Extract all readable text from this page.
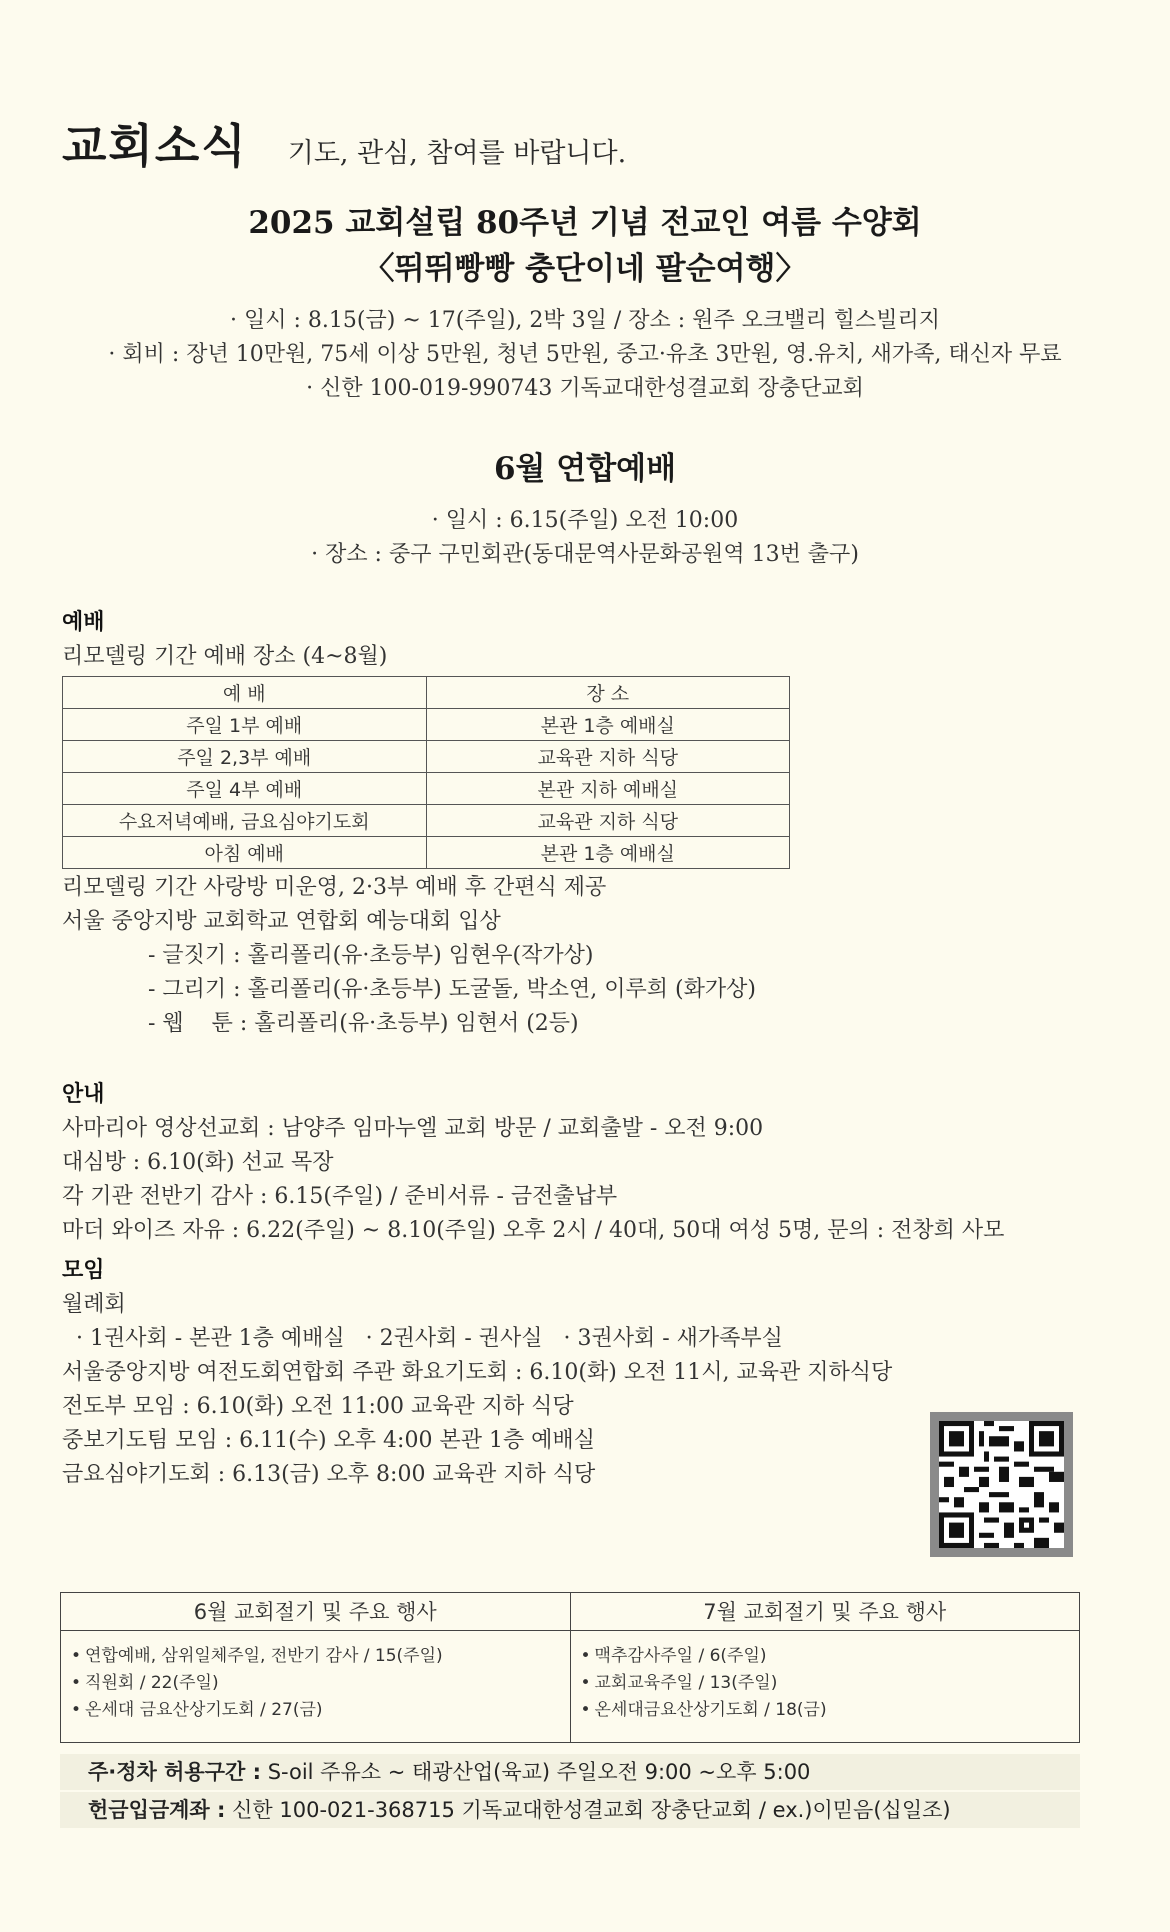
교회소식 기도, 관심, 참여를 바랍니다.
2025 교회설립 80주년 기념 전교인 여름 수양회
〈뛰뛰빵빵 충단이네 팔순여행〉
· 일시 : 8.15(금) ~ 17(주일), 2박 3일 / 장소 : 원주 오크밸리 힐스빌리지
· 회비 : 장년 10만원, 75세 이상 5만원, 청년 5만원, 중고·유초 3만원, 영.유치, 새가족, 태신자 무료
· 신한 100-019-990743 기독교대한성결교회 장충단교회
6월 연합예배
· 일시 : 6.15(주일) 오전 10:00
· 장소 : 중구 구민회관(동대문역사문화공원역 13번 출구)
예배
리모델링 기간 예배 장소 (4~8월)
예 배	장 소
주일 1부 예배	본관 1층 예배실
주일 2,3부 예배	교육관 지하 식당
주일 4부 예배	본관 지하 예배실
수요저녁예배, 금요심야기도회	교육관 지하 식당
아침 예배	본관 1층 예배실
리모델링 기간 사랑방 미운영, 2·3부 예배 후 간편식 제공
서울 중앙지방 교회학교 연합회 예능대회 입상
- 글짓기 : 홀리폴리(유·초등부) 임현우(작가상)
- 그리기 : 홀리폴리(유·초등부) 도굴돌, 박소연, 이루희 (화가상)
- 웹    툰 : 홀리폴리(유·초등부) 임현서 (2등)
안내
사마리아 영상선교회 : 남양주 임마누엘 교회 방문 / 교회출발 - 오전 9:00
대심방 : 6.10(화) 선교 목장
각 기관 전반기 감사 : 6.15(주일) / 준비서류 - 금전출납부
마더 와이즈 자유 : 6.22(주일) ~ 8.10(주일) 오후 2시 / 40대, 50대 여성 5명, 문의 : 전창희 사모
모임
월례회
· 1권사회 - 본관 1층 예배실   · 2권사회 - 권사실   · 3권사회 - 새가족부실
서울중앙지방 여전도회연합회 주관 화요기도회 : 6.10(화) 오전 11시, 교육관 지하식당
전도부 모임 : 6.10(화) 오전 11:00 교육관 지하 식당
중보기도팀 모임 : 6.11(수) 오후 4:00 본관 1층 예배실
금요심야기도회 : 6.13(금) 오후 8:00 교육관 지하 식당
6월 교회절기 및 주요 행사
• 연합예배, 삼위일체주일, 전반기 감사 / 15(주일)
• 직원회 / 22(주일)
• 온세대 금요산상기도회 / 27(금)
7월 교회절기 및 주요 행사
• 맥추감사주일 / 6(주일)
• 교회교육주일 / 13(주일)
• 온세대금요산상기도회 / 18(금)
주·정차 허용구간 : S-oil 주유소 ~ 태광산업(육교) 주일오전 9:00 ~오후 5:00
헌금입금계좌 : 신한 100-021-368715 기독교대한성결교회 장충단교회 / ex.)이믿음(십일조)
